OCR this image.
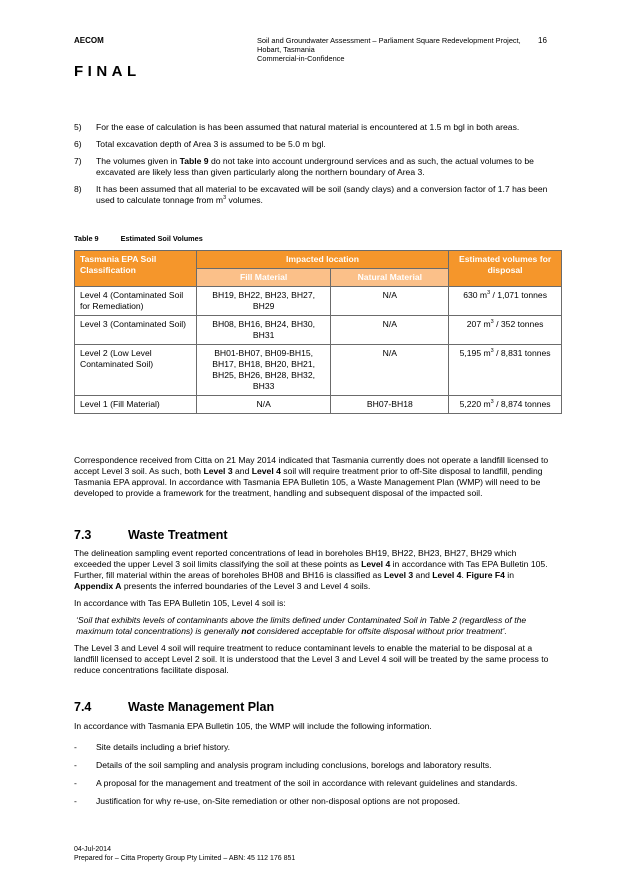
AECOM	Soil and Groundwater Assessment – Parliament Square Redevelopment Project,
Hobart, Tasmania
Commercial-in-Confidence
16
FINAL
5)	For the ease of calculation is has been assumed that natural material is encountered at 1.5 m bgl in both areas.
6)	Total excavation depth of Area 3 is assumed to be 5.0 m bgl.
7)	The volumes given in Table 9 do not take into account underground services and as such, the actual volumes to be excavated are likely less than given particularly along the northern boundary of Area 3.
8)	It has been assumed that all material to be excavated will be soil (sandy clays) and a conversion factor of 1.7 has been used to calculate tonnage from $m^3$ volumes.
Table 9	Estimated Soil Volumes
Tasmania EPA Soil Classification	Impacted location		Estimated volumes for disposal
	Fill Material	Natural Material	
Level 4 (Contaminated Soil for Remediation)	BH19, BH22, BH23, BH27, BH29	N/A	630 $m^3 / 1,071$ tonnes
Level 3 (Contaminated Soil)	BH08, BH16, BH24, BH30, BH31	N/A	207 $m^3 / 352$ tonnes
Level 2 (Low Level Contaminated Soil)	BH01-BH07, BH09-BH15, BH17, BH18, BH20, BH21, BH25, BH26, BH28, BH32, BH33	N/A	5,195 $m^3 / 8,831$ tonnes
Level 1 (Fill Material)	N/A	BH07-BH18	5,220 $m^3 / 8,874$ tonnes

Correspondence received from Citta on 21 May 2014 indicated that Tasmania currently does not operate a landfill licensed to accept Level 3 soil. As such, both Level 3 and Level 4 soil will require treatment prior to off-Site disposal to landfill, pending Tasmania EPA approval. In accordance with Tasmania EPA Bulletin 105, a Waste Management Plan (WMP) will need to be developed to provide a framework for the treatment, handling and subsequent disposal of the impacted soil.

7.3	Waste Treatment

The delineation sampling event reported concentrations of lead in boreholes BH19, BH22, BH23, BH27, BH29 which exceeded the upper Level 3 soil limits classifying the soil at these points as Level 4 in accordance with Tas EPA Bulletin 105. Further, fill material within the areas of boreholes BH08 and BH16 is classified as Level 3 and Level 4. Figure F4 in Appendix A presents the inferred boundaries of the Level 3 and Level 4 soils.

In accordance with Tas EPA Bulletin 105, Level 4 soil is:

‘Soil that exhibits levels of contaminants above the limits defined under Contaminated Soil in Table 2 (regardless of the maximum total concentrations) is generally not considered acceptable for offsite disposal without prior treatment’.

The Level 3 and Level 4 soil will require treatment to reduce contaminant levels to enable the material to be disposal at a landfill licensed to accept Level 2 soil. It is understood that the Level 3 and Level 4 soil will be treated by the same process to reduce concentrations facilitate disposal.

7.4	Waste Management Plan
In accordance with Tasmania EPA Bulletin 105, the WMP will include the following information.
-	Site details including a brief history.
-	Details of the soil sampling and analysis program including conclusions, borelogs and laboratory results.
-	A proposal for the management and treatment of the soil in accordance with relevant guidelines and standards.
-	Justification for why re-use, on-Site remediation or other non-disposal options are not proposed.
04-Jul-2014
Prepared for – Citta Property Group Pty Limited – ABN: 45 112 176 851
